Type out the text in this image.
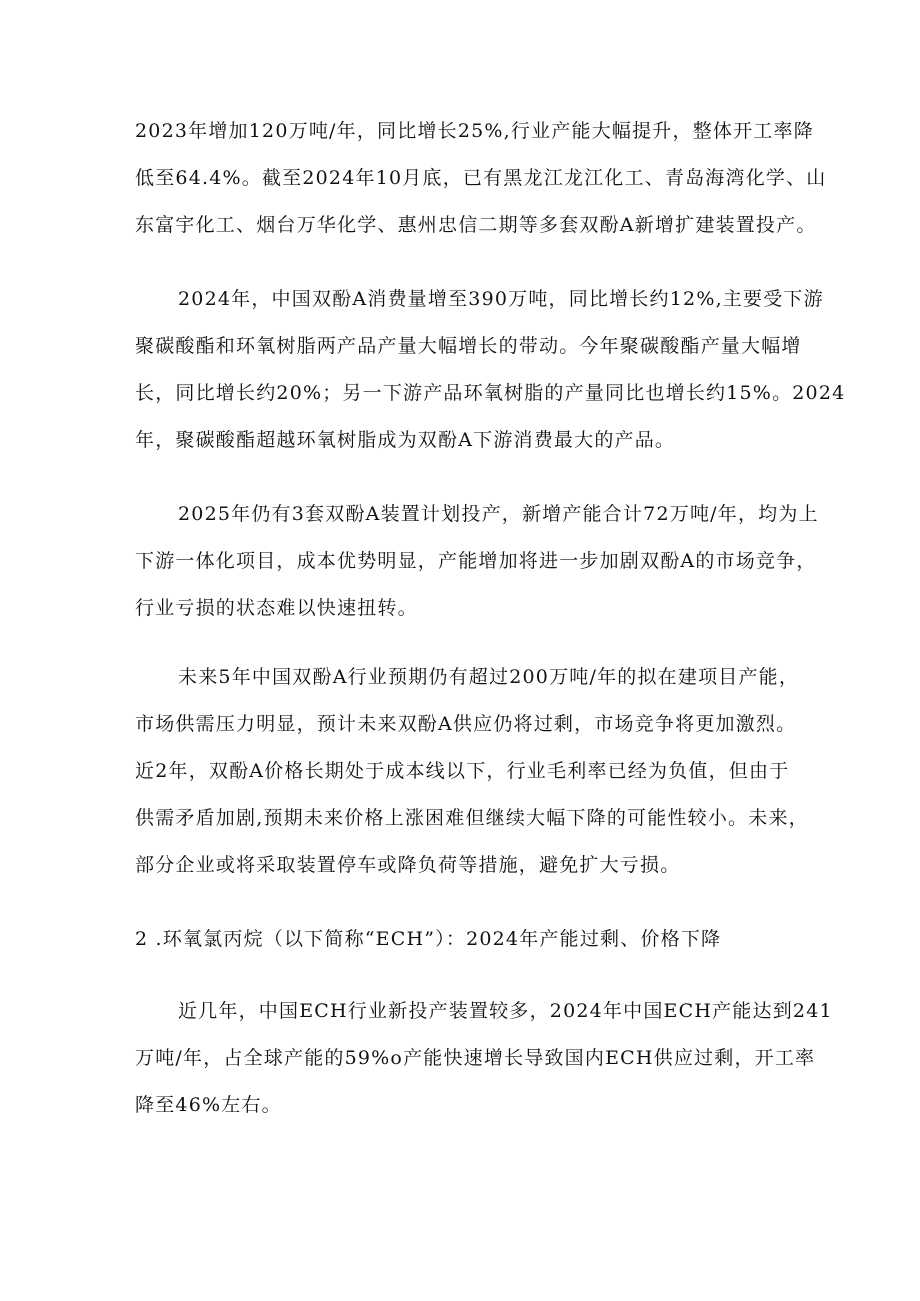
2023年增加120万吨/年，同比增长25%,行业产能大幅提升，整体开工率降
低至64.4%。截至2024年10月底，已有黑龙江龙江化工、青岛海湾化学、山
东富宇化工、烟台万华化学、惠州忠信二期等多套双酚A新增扩建装置投产。
2024年，中国双酚A消费量增至390万吨，同比增长约12%,主要受下游
聚碳酸酯和环氧树脂两产品产量大幅增长的带动。今年聚碳酸酯产量大幅增
长，同比增长约20%；另一下游产品环氧树脂的产量同比也增长约15%。2024
年，聚碳酸酯超越环氧树脂成为双酚A下游消费最大的产品。
2025年仍有3套双酚A装置计划投产，新增产能合计72万吨/年，均为上
下游一体化项目，成本优势明显，产能增加将进一步加剧双酚A的市场竞争，
行业亏损的状态难以快速扭转。
未来5年中国双酚A行业预期仍有超过200万吨/年的拟在建项目产能，
市场供需压力明显，预计未来双酚A供应仍将过剩，市场竞争将更加激烈。
近2年，双酚A价格长期处于成本线以下，行业毛利率已经为负值，但由于
供需矛盾加剧,预期未来价格上涨困难但继续大幅下降的可能性较小。未来，
部分企业或将采取装置停车或降负荷等措施，避免扩大亏损。
2 .环氧氯丙烷（以下简称“ECH”）：2024年产能过剩、价格下降
近几年，中国ECH行业新投产装置较多，2024年中国ECH产能达到241
万吨/年，占全球产能的59%o产能快速增长导致国内ECH供应过剩，开工率
降至46%左右。
